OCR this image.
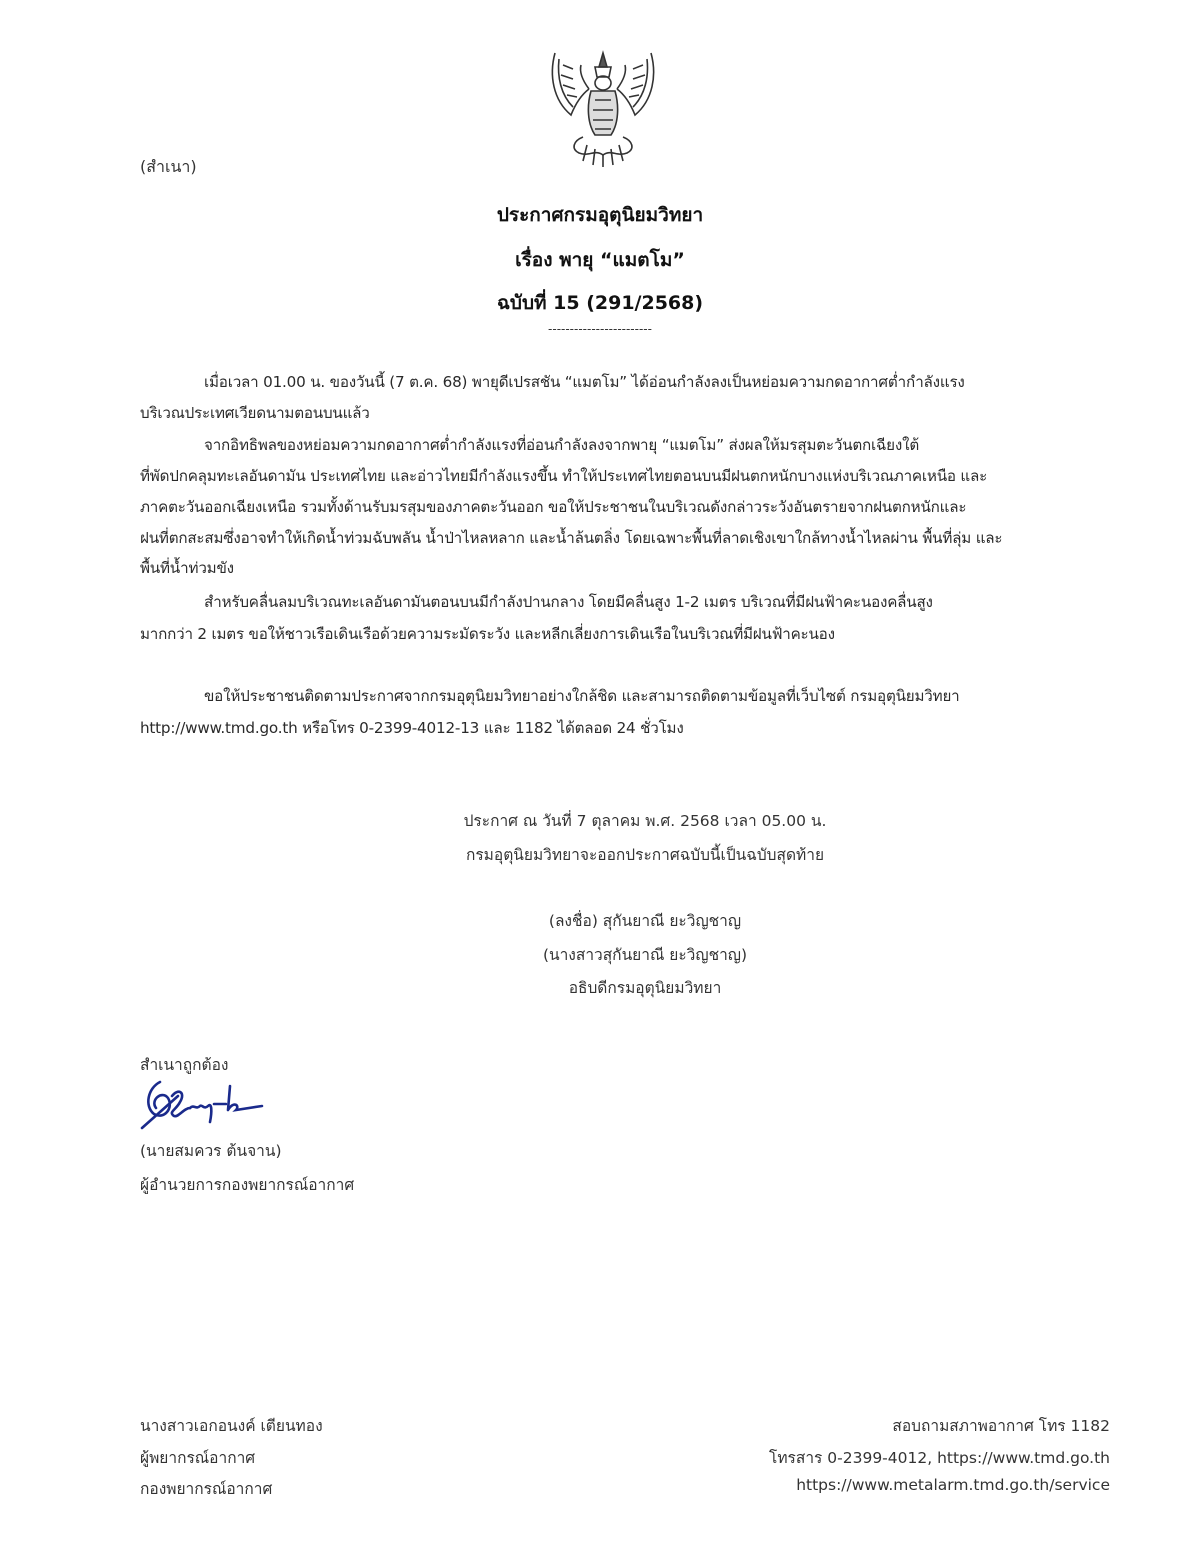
(สำเนา)
ประกาศกรมอุตุนิยมวิทยา
เรื่อง พายุ “แมตโม”
ฉบับที่ 15 (291/2568)
------------------------
เมื่อเวลา 01.00 น. ของวันนี้ (7 ต.ค. 68) พายุดีเปรสชัน “แมตโม” ได้อ่อนกำลังลงเป็นหย่อมความกดอากาศต่ำกำลังแรง
บริเวณประเทศเวียดนามตอนบนแล้ว
จากอิทธิพลของหย่อมความกดอากาศต่ำกำลังแรงที่อ่อนกำลังลงจากพายุ “แมตโม” ส่งผลให้มรสุมตะวันตกเฉียงใต้
ที่พัดปกคลุมทะเลอันดามัน ประเทศไทย และอ่าวไทยมีกำลังแรงขึ้น ทำให้ประเทศไทยตอนบนมีฝนตกหนักบางแห่งบริเวณภาคเหนือ และ
ภาคตะวันออกเฉียงเหนือ รวมทั้งด้านรับมรสุมของภาคตะวันออก ขอให้ประชาชนในบริเวณดังกล่าวระวังอันตรายจากฝนตกหนักและ
ฝนที่ตกสะสมซึ่งอาจทำให้เกิดน้ำท่วมฉับพลัน น้ำป่าไหลหลาก และน้ำล้นตลิ่ง โดยเฉพาะพื้นที่ลาดเชิงเขาใกล้ทางน้ำไหลผ่าน พื้นที่ลุ่ม และ
พื้นที่น้ำท่วมขัง
สำหรับคลื่นลมบริเวณทะเลอันดามันตอนบนมีกำลังปานกลาง โดยมีคลื่นสูง 1-2 เมตร บริเวณที่มีฝนฟ้าคะนองคลื่นสูง
มากกว่า 2 เมตร ขอให้ชาวเรือเดินเรือด้วยความระมัดระวัง และหลีกเลี่ยงการเดินเรือในบริเวณที่มีฝนฟ้าคะนอง
ขอให้ประชาชนติดตามประกาศจากกรมอุตุนิยมวิทยาอย่างใกล้ชิด และสามารถติดตามข้อมูลที่เว็บไซต์ กรมอุตุนิยมวิทยา
http://www.tmd.go.th หรือโทร 0-2399-4012-13 และ 1182 ได้ตลอด 24 ชั่วโมง
ประกาศ ณ วันที่ 7 ตุลาคม พ.ศ. 2568 เวลา 05.00 น.
กรมอุตุนิยมวิทยาจะออกประกาศฉบับนี้เป็นฉบับสุดท้าย
(ลงชื่อ) สุกันยาณี ยะวิญชาญ
(นางสาวสุกันยาณี ยะวิญชาญ)
อธิบดีกรมอุตุนิยมวิทยา
สำเนาถูกต้อง
(นายสมควร ต้นจาน)
ผู้อำนวยการกองพยากรณ์อากาศ
นางสาวเอกอนงค์ เตียนทอง
ผู้พยากรณ์อากาศ
กองพยากรณ์อากาศ
สอบถามสภาพอากาศ โทร 1182
โทรสาร 0-2399-4012, https://www.tmd.go.th
https://www.metalarm.tmd.go.th/service
